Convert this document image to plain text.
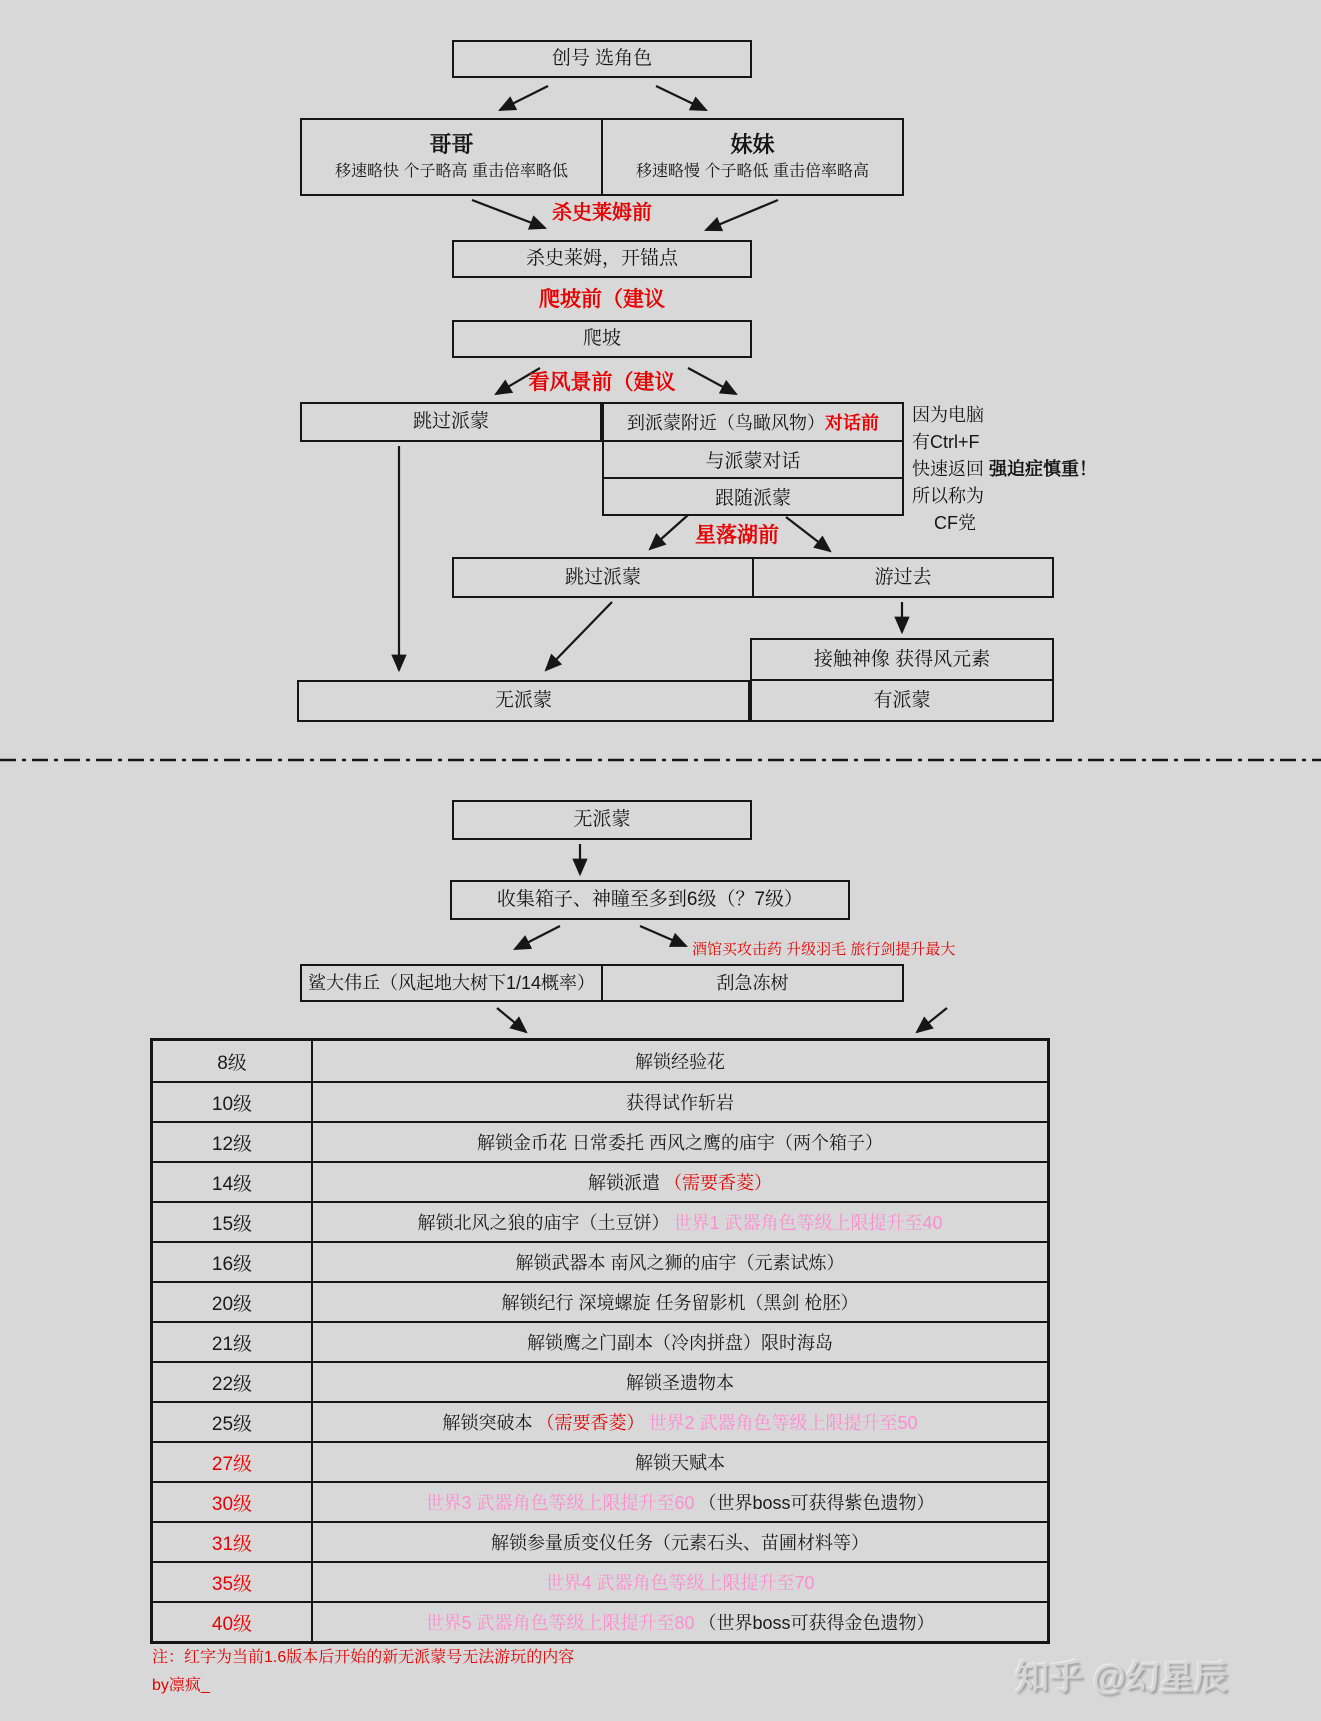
创号 选角色
哥哥
移速略快 个子略高 重击倍率略低
妹妹
移速略慢 个子略低 重击倍率略高
杀史莱姆前
杀史莱姆，开锚点
爬坡前（建议
爬坡
看风景前（建议
跳过派蒙	到派蒙附近（鸟瞰风物） 对话前
与派蒙对话
跟随派蒙
因为电脑
有Ctrl+F
快速返回 强迫症慎重！
所以称为
CF党
星落湖前
跳过派蒙	游过去
接触神像 获得风元素
有派蒙
无派蒙
无派蒙
收集箱子、神瞳至多到6级（？7级）
酒馆买攻击药 升级羽毛 旅行剑提升最大
鲨大伟丘（风起地大树下1/14概率）	刮急冻树
8级	解锁经验花
10级	获得试作斩岩
12级	解锁金币花 日常委托 西风之鹰的庙宇（两个箱子）
14级	解锁派遣 （需要香菱）
15级	解锁北风之狼的庙宇（土豆饼） 世界1 武器角色等级上限提升至40
16级	解锁武器本 南风之狮的庙宇（元素试炼）
20级	解锁纪行 深境螺旋 任务留影机（黑剑 枪胚）
21级	解锁鹰之门副本（冷肉拼盘）限时海岛
22级	解锁圣遗物本
25级	解锁突破本 （需要香菱） 世界2 武器角色等级上限提升至50
27级	解锁天赋本
30级	世界3 武器角色等级上限提升至60 （世界boss可获得紫色遗物）
31级	解锁参量质变仪任务（元素石头、苗圃材料等）
35级	世界4 武器角色等级上限提升至70
40级	世界5 武器角色等级上限提升至80 （世界boss可获得金色遗物）
注：红字为当前1.6版本后开始的新无派蒙号无法游玩的内容
by凛疯_	知乎 @幻星辰
